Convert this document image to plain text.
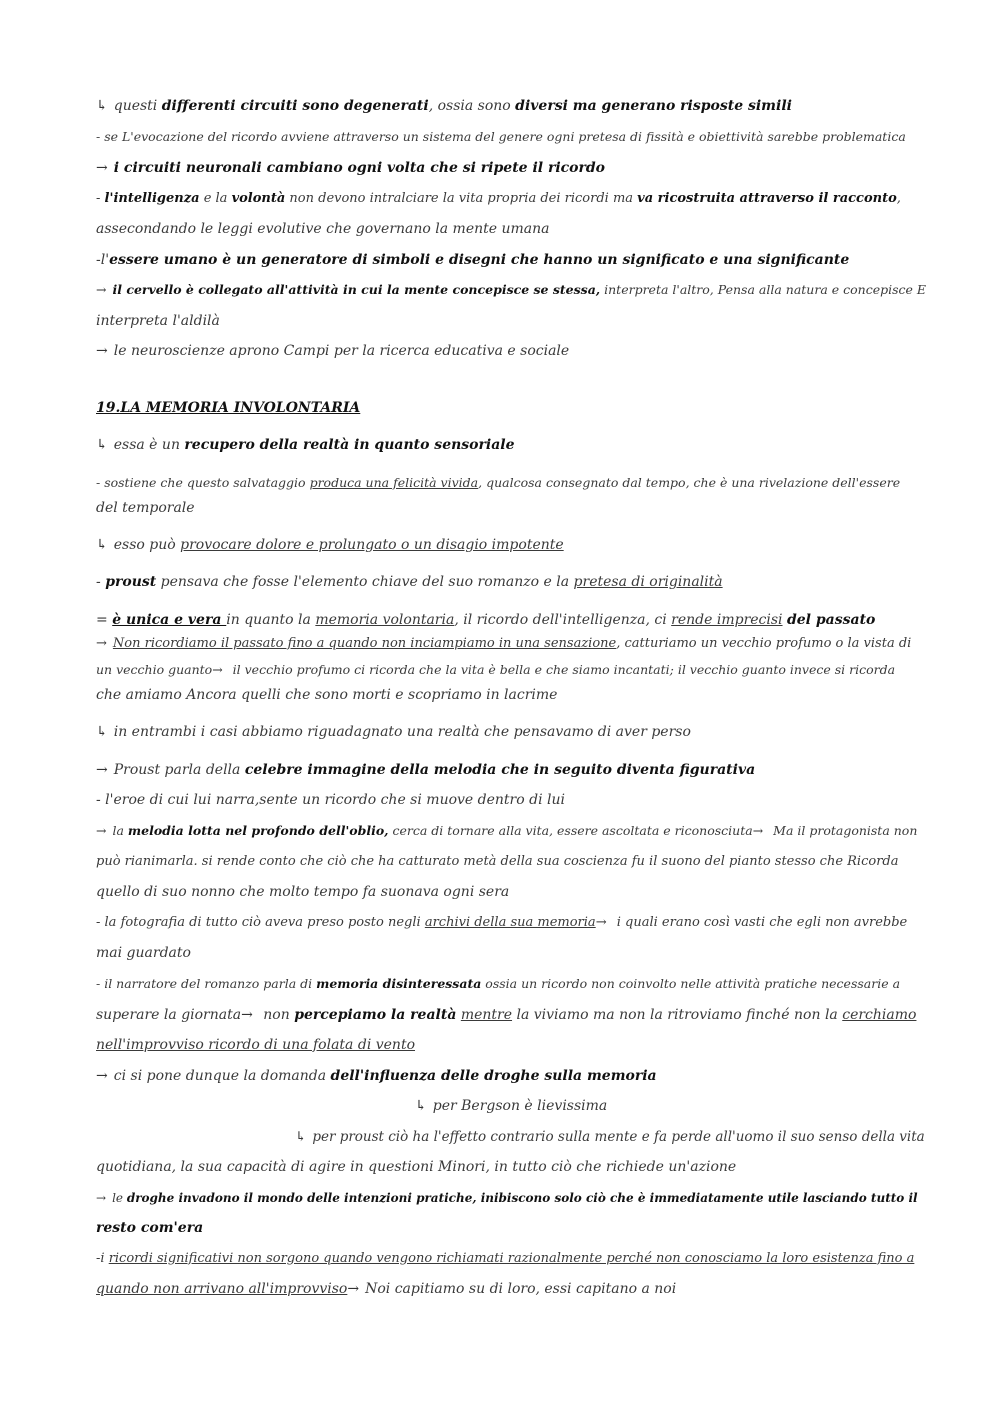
↳ questi differenti circuiti sono degenerati, ossia sono diversi ma generano risposte simili
- se L'evocazione del ricordo avviene attraverso un sistema del genere ogni pretesa di fissità e obiettività sarebbe problematica
→ i circuiti neuronali cambiano ogni volta che si ripete il ricordo
- l'intelligenza e la volontà non devono intralciare la vita propria dei ricordi ma va ricostruita attraverso il racconto,
assecondando le leggi evolutive che governano la mente umana
-l'essere umano è un generatore di simboli e disegni che hanno un significato e una significante
→ il cervello è collegato all'attività in cui la mente concepisce se stessa, interpreta l'altro, Pensa alla natura e concepisce E
interpreta l'aldilà
→ le neuroscienze aprono Campi per la ricerca educativa e sociale
19.LA MEMORIA INVOLONTARIA
↳ essa è un recupero della realtà in quanto sensoriale
- sostiene che questo salvataggio produca una felicità vivida, qualcosa consegnato dal tempo, che è una rivelazione dell'essere
del temporale
↳ esso può provocare dolore e prolungato o un disagio impotente
- proust pensava che fosse l'elemento chiave del suo romanzo e la pretesa di originalità
= è unica e vera in quanto la memoria volontaria, il ricordo dell'intelligenza, ci rende imprecisi del passato
→ Non ricordiamo il passato fino a quando non inciampiamo in una sensazione, catturiamo un vecchio profumo o la vista di
un vecchio guanto→ il vecchio profumo ci ricorda che la vita è bella e che siamo incantati; il vecchio guanto invece si ricorda
che amiamo Ancora quelli che sono morti e scopriamo in lacrime
↳ in entrambi i casi abbiamo riguadagnato una realtà che pensavamo di aver perso
→ Proust parla della celebre immagine della melodia che in seguito diventa figurativa
- l'eroe di cui lui narra,sente un ricordo che si muove dentro di lui
→ la melodia lotta nel profondo dell'oblio, cerca di tornare alla vita, essere ascoltata e riconosciuta→ Ma il protagonista non
può rianimarla. si rende conto che ciò che ha catturato metà della sua coscienza fu il suono del pianto stesso che Ricorda
quello di suo nonno che molto tempo fa suonava ogni sera
- la fotografia di tutto ciò aveva preso posto negli archivi della sua memoria→ i quali erano così vasti che egli non avrebbe
mai guardato
- il narratore del romanzo parla di memoria disinteressata ossia un ricordo non coinvolto nelle attività pratiche necessarie a
superare la giornata→ non percepiamo la realtà mentre la viviamo ma non la ritroviamo finché non la cerchiamo
nell'improvviso ricordo di una folata di vento
→ ci si pone dunque la domanda dell'influenza delle droghe sulla memoria
↳ per Bergson è lievissima
↳ per proust ciò ha l'effetto contrario sulla mente e fa perde all'uomo il suo senso della vita
quotidiana, la sua capacità di agire in questioni Minori, in tutto ciò che richiede un'azione
→ le droghe invadono il mondo delle intenzioni pratiche, inibiscono solo ciò che è immediatamente utile lasciando tutto il
resto com'era
-i ricordi significativi non sorgono quando vengono richiamati razionalmente perché non conosciamo la loro esistenza fino a
quando non arrivano all'improvviso→ Noi capitiamo su di loro, essi capitano a noi
